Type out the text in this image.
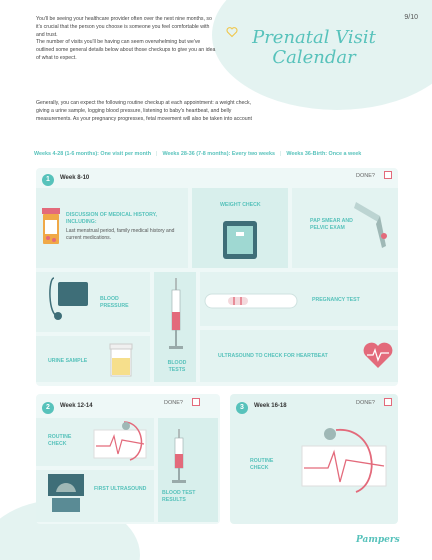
9/10
Prenatal Visit
Calendar

You'll be seeing your healthcare provider often over the next nine months, so it's crucial that the person you choose is someone you feel comfortable with and trust.

The number of visits you'll be having can seem overwhelming but we've outlined some general details below about those checkups to give you an idea of what to expect.

Generally, you can expect the following routine checkup at each appointment: a weight check, giving a urine sample, logging blood pressure, listening to baby's heartbeat, and belly measurements. As your pregnancy progresses, fetal movement will also be taken into account
Weeks 4-28 (1-6 months): One visit per month | Weeks 28-36 (7-8 months): Every two weeks | Weeks 36-Birth: Once a week
1	Week 8-10	DONE?
DISCUSSION OF MEDICAL HISTORY, INCLUDING:
Last menstrual period, family medical history and current medications.
WEIGHT CHECK
PAP SMEAR AND PELVIC EXAM
BLOOD PRESSURE
BLOOD TESTS
PREGNANCY TEST
URINE SAMPLE
ULTRASOUND TO CHECK FOR HEARTBEAT
2	Week 12-14	DONE?
ROUTINE CHECK
FIRST ULTRASOUND
BLOOD TEST RESULTS
3	Week 16-18	DONE?
ROUTINE CHECK
Pampers
